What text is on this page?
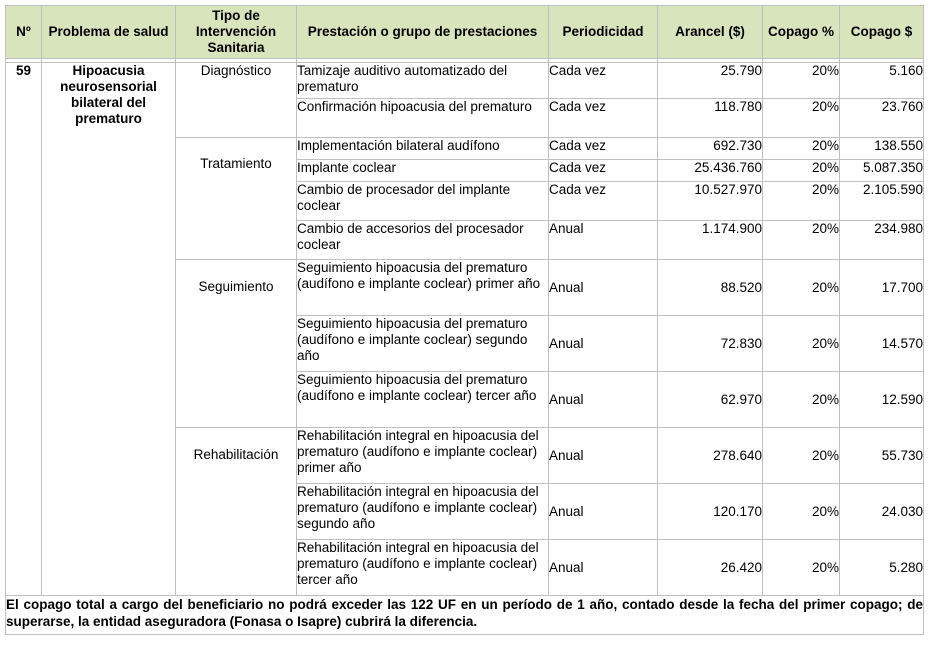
Nº	Problema de salud	Tipo de Intervención Sanitaria	Prestación o grupo de prestaciones	Periodicidad	Arancel ($)	Copago %	Copago $

59	Hipoacusia neurosensorial bilateral del prematuro	Diagnóstico	Tamizaje auditivo automatizado del prematuro	Cada vez	25.790	20%	5.160
			Confirmación hipoacusia del prematuro	Cada vez	118.780	20%	23.760
		Tratamiento	Implementación bilateral audífono	Cada vez	692.730	20%	138.550
			Implante coclear	Cada vez	25.436.760	20%	5.087.350
			Cambio de procesador del implante coclear	Cada vez	10.527.970	20%	2.105.590
			Cambio de accesorios del procesador coclear	Anual	1.174.900	20%	234.980
		Seguimiento	Seguimiento hipoacusia del prematuro (audífono e implante coclear) primer año	Anual	88.520	20%	17.700
			Seguimiento hipoacusia del prematuro (audífono e implante coclear) segundo año	Anual	72.830	20%	14.570
			Seguimiento hipoacusia del prematuro (audífono e implante coclear) tercer año	Anual	62.970	20%	12.590
		Rehabilitación	Rehabilitación integral en hipoacusia del prematuro (audífono e implante coclear) primer año	Anual	278.640	20%	55.730
			Rehabilitación integral en hipoacusia del prematuro (audífono e implante coclear) segundo año	Anual	120.170	20%	24.030
			Rehabilitación integral en hipoacusia del prematuro (audífono e implante coclear) tercer año	Anual	26.420	20%	5.280
El copago total a cargo del beneficiario no podrá exceder las 122 UF en un período de 1 año, contado desde la fecha del primer copago; de superarse, la entidad aseguradora (Fonasa o Isapre) cubrirá la diferencia.							
